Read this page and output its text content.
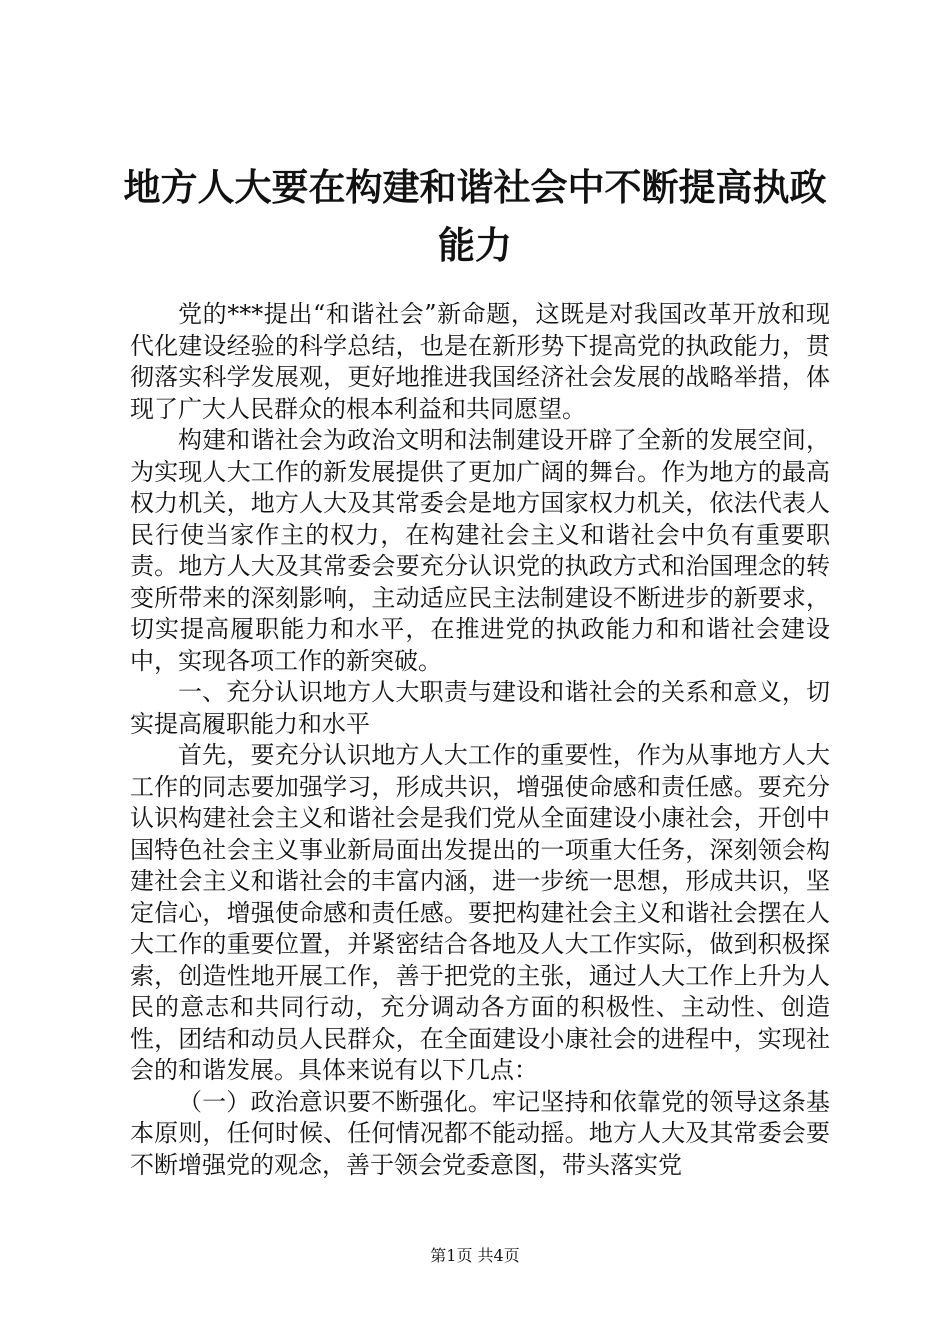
地方人大要在构建和谐社会中不断提高执政能力

党的***提出“和谐社会”新命题，这既是对我国改革开放和现代化建设经验的科学总结，也是在新形势下提高党的执政能力，贯彻落实科学发展观，更好地推进我国经济社会发展的战略举措，体现了广大人民群众的根本利益和共同愿望。

构建和谐社会为政治文明和法制建设开辟了全新的发展空间，为实现人大工作的新发展提供了更加广阔的舞台。作为地方的最高权力机关，地方人大及其常委会是地方国家权力机关，依法代表人民行使当家作主的权力，在构建社会主义和谐社会中负有重要职责。地方人大及其常委会要充分认识党的执政方式和治国理念的转变所带来的深刻影响，主动适应民主法制建设不断进步的新要求，切实提高履职能力和水平，在推进党的执政能力和和谐社会建设中，实现各项工作的新突破。

一、充分认识地方人大职责与建设和谐社会的关系和意义，切实提高履职能力和水平

首先，要充分认识地方人大工作的重要性，作为从事地方人大工作的同志要加强学习，形成共识，增强使命感和责任感。要充分认识构建社会主义和谐社会是我们党从全面建设小康社会，开创中国特色社会主义事业新局面出发提出的一项重大任务，深刻领会构建社会主义和谐社会的丰富内涵，进一步统一思想，形成共识，坚定信心，增强使命感和责任感。要把构建社会主义和谐社会摆在人大工作的重要位置，并紧密结合各地及人大工作实际，做到积极探索，创造性地开展工作，善于把党的主张，通过人大工作上升为人民的意志和共同行动，充分调动各方面的积极性、主动性、创造性，团结和动员人民群众，在全面建设小康社会的进程中，实现社会的和谐发展。具体来说有以下几点：

（一）政治意识要不断强化。牢记坚持和依靠党的领导这条基本原则，任何时候、任何情况都不能动摇。地方人大及其常委会要不断增强党的观念，善于领会党委意图，带头落实党

第1页 共4页
